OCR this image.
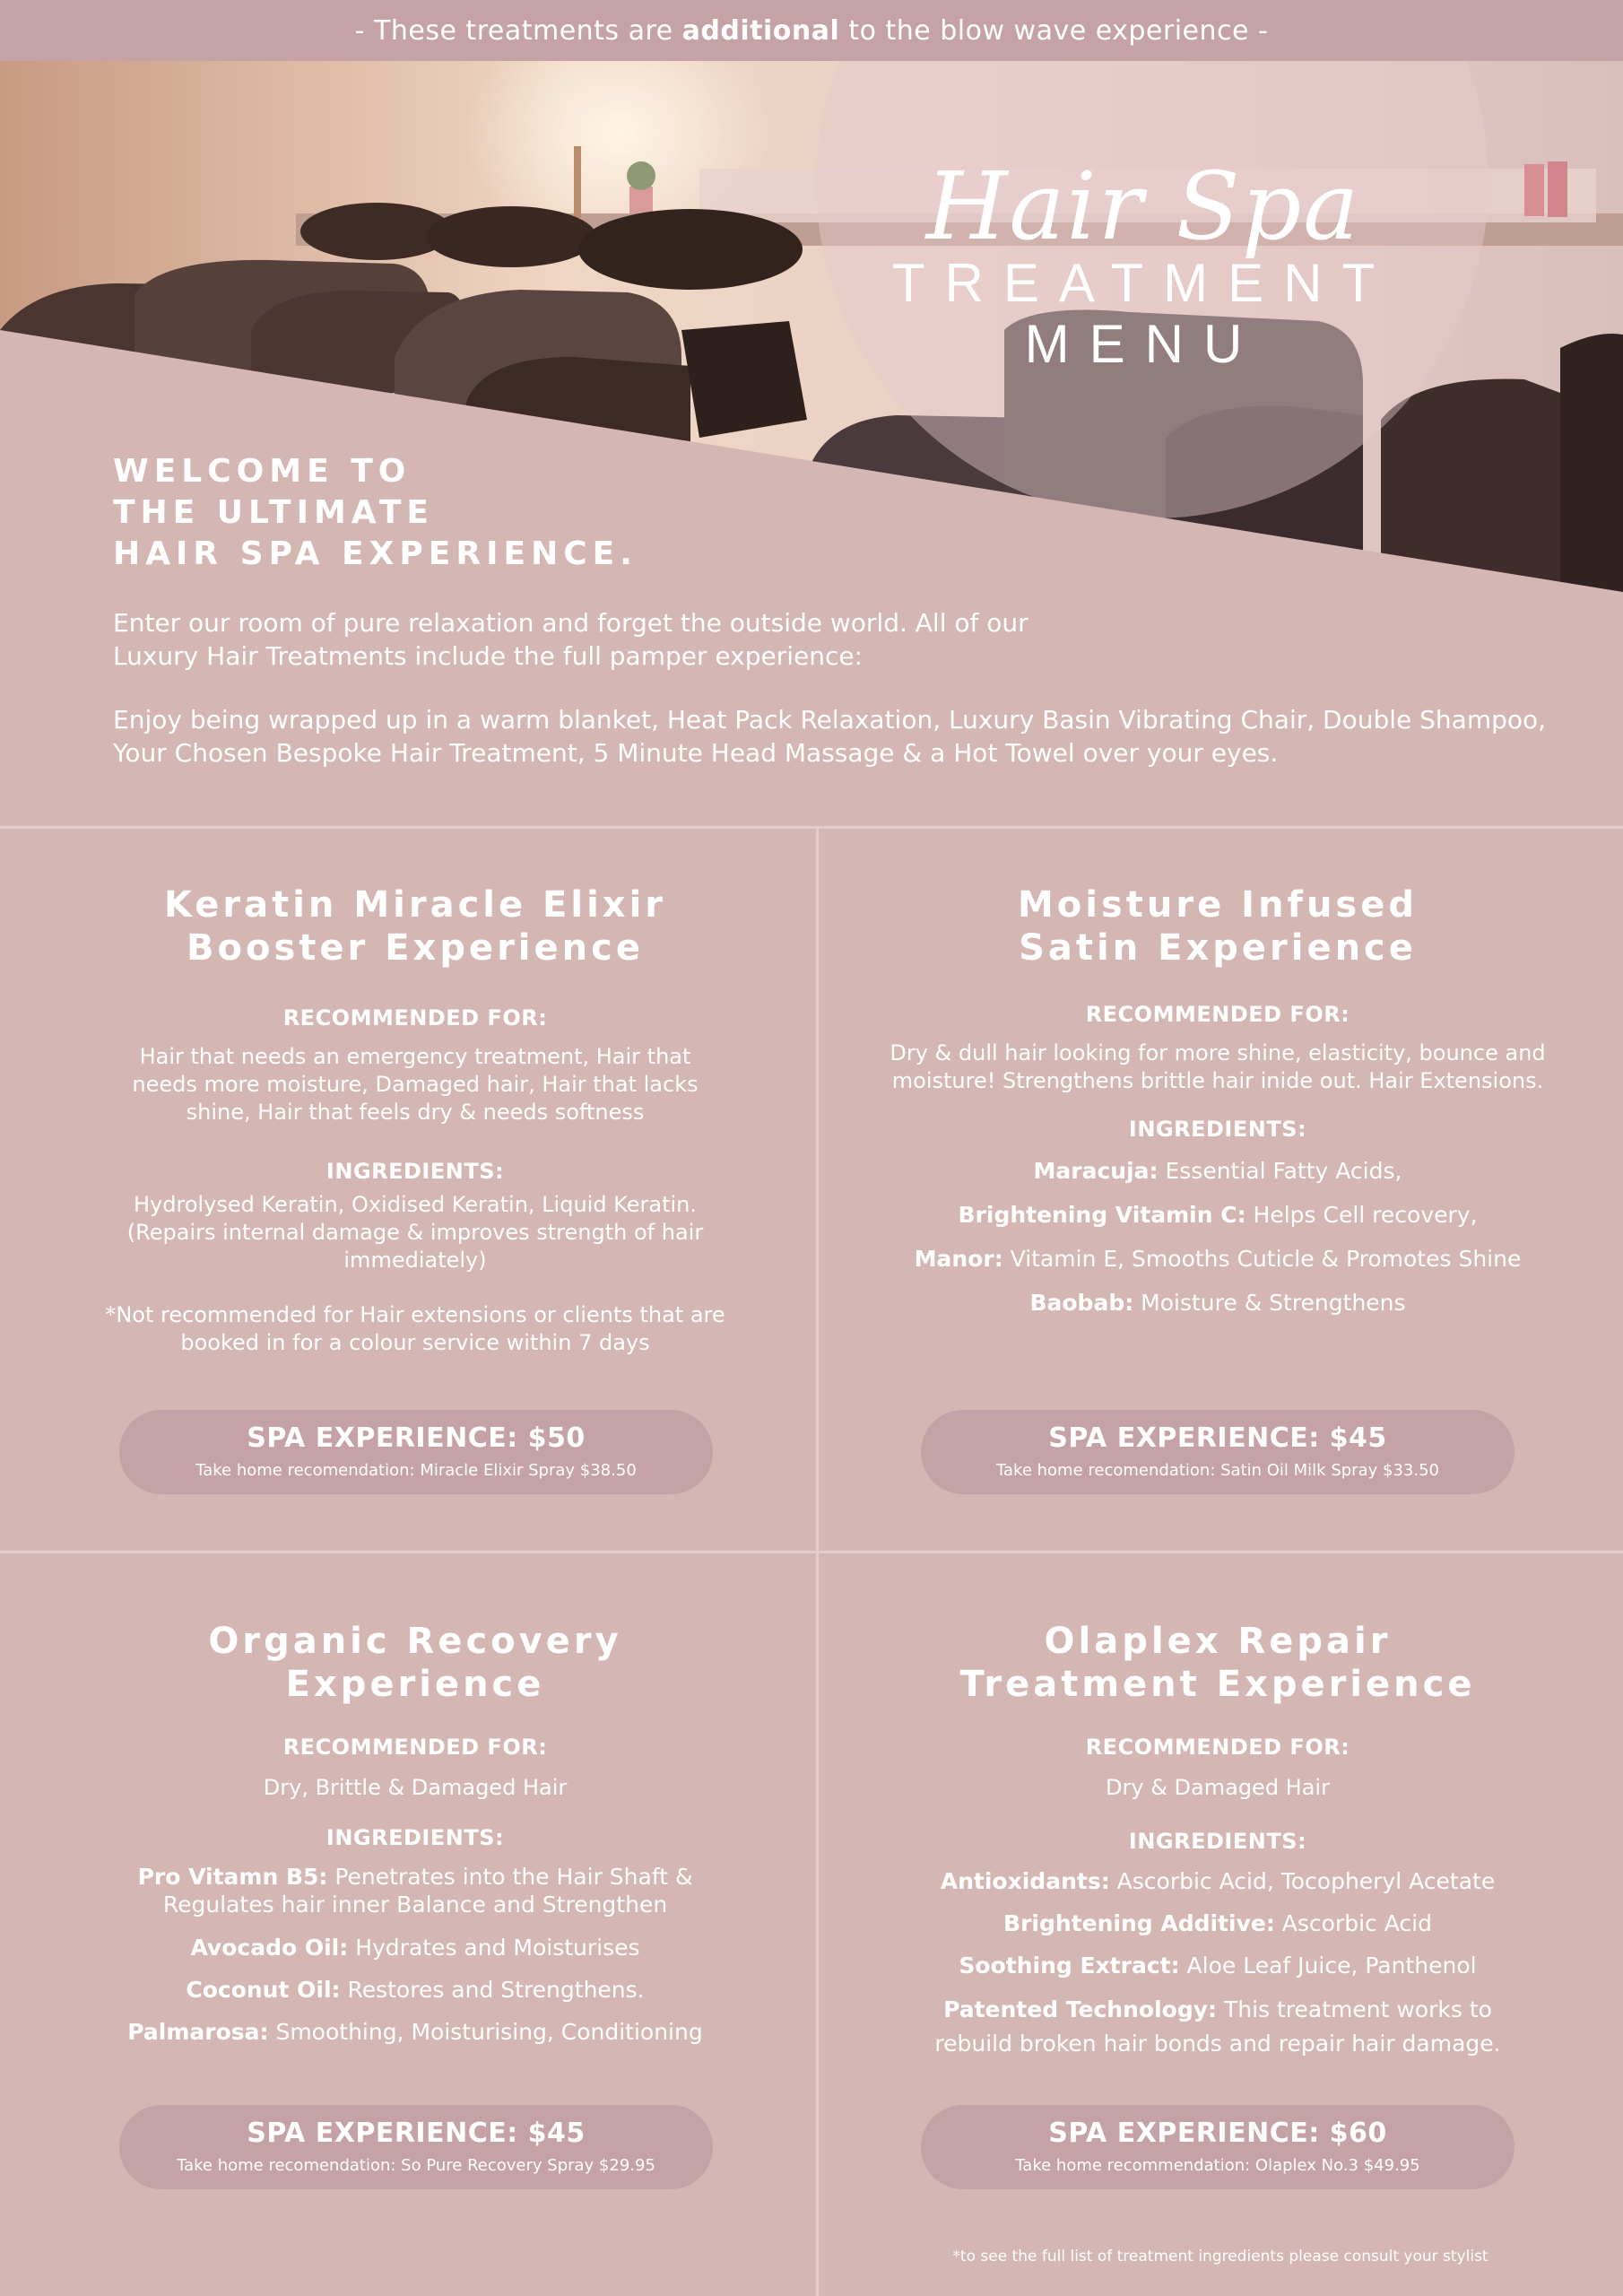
- These treatments are additional to the blow wave experience -
Hair Spa
TREATMENT
MENU
WELCOME TO
THE ULTIMATE
HAIR SPA EXPERIENCE.

Enter our room of pure relaxation and forget the outside world. All of our Luxury Hair Treatments include the full pamper experience:

Enjoy being wrapped up in a warm blanket, Heat Pack Relaxation, Luxury Basin Vibrating Chair, Double Shampoo, Your Chosen Bespoke Hair Treatment, 5 Minute Head Massage & a Hot Towel over your eyes.

Keratin Miracle Elixir
Booster Experience
RECOMMENDED FOR:
Hair that needs an emergency treatment, Hair that needs more moisture, Damaged hair, Hair that lacks shine, Hair that feels dry & needs softness
INGREDIENTS:
Hydrolysed Keratin, Oxidised Keratin, Liquid Keratin. (Repairs internal damage & improves strength of hair immediately)
*Not recommended for Hair extensions or clients that are booked in for a colour service within 7 days
SPA EXPERIENCE: $50
Take home recomendation: Miracle Elixir Spray $38.50
Moisture Infused
Satin Experience
RECOMMENDED FOR:
Dry & dull hair looking for more shine, elasticity, bounce and moisture! Strengthens brittle hair inide out. Hair Extensions.
INGREDIENTS:
Maracuja: Essential Fatty Acids,
Brightening Vitamin C: Helps Cell recovery,
Manor: Vitamin E, Smooths Cuticle & Promotes Shine
Baobab: Moisture & Strengthens
SPA EXPERIENCE: $45
Take home recomendation: Satin Oil Milk Spray $33.50
Organic Recovery
Experience
RECOMMENDED FOR:
Dry, Brittle & Damaged Hair
INGREDIENTS:
Pro Vitamn B5: Penetrates into the Hair Shaft & Regulates hair inner Balance and Strengthen
Avocado Oil: Hydrates and Moisturises
Coconut Oil: Restores and Strengthens.
Palmarosa: Smoothing, Moisturising, Conditioning
SPA EXPERIENCE: $45
Take home recomendation: So Pure Recovery Spray $29.95
Olaplex Repair
Treatment Experience
RECOMMENDED FOR:
Dry & Damaged Hair
INGREDIENTS:
Antioxidants: Ascorbic Acid, Tocopheryl Acetate
Brightening Additive: Ascorbic Acid
Soothing Extract: Aloe Leaf Juice, Panthenol
Patented Technology: This treatment works to rebuild broken hair bonds and repair hair damage.
SPA EXPERIENCE: $60
Take home recommendation: Olaplex No.3 $49.95
*to see the full list of treatment ingredients please consult your stylist
